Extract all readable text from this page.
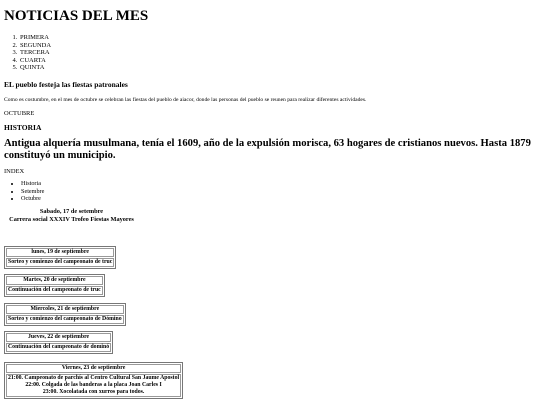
NOTICIAS DEL MES
1. PRIMERA
2. SEGUNDA
3. TERCERA
4. CUARTA
5. QUINTA
EL pueblo festeja las fiestas patronales
Como es costumbre, en el mes de octubre se celebran las fiestas del pueblo de aiacor, donde las personas del pueblo se reunen para realizar diferentes actividades.
OCTUBRE
HISTORIA
Antigua alquería musulmana, tenía el 1609, año de la expulsión morisca, 63 hogares de cristianos nuevos. Hasta 1879 constituyó un municipio.
INDEX
• Historia
• Setembre
• Octubre
Sabado, 17 de setembre
Carrera social XXXIV Trofeo Fiestas Mayores
lunes, 19 de septiembre
Sorteo y comienzo del campeonato de truc
Martes, 20 de septiembre
Continuación del campeonato de truc
Miercoles, 21 de septiembre
Sorteo y comienzo del campeonato de Dómino
Jueves, 22 de septiembre
Continuación del campeonato de dominó
Viernes, 23 de septiembre

21:00. Campeonato de parchís al Centro Cultural San Jaume Apostol
22:00. Colgada de las banderas a la placa Joan Carles I
23:00. Xocolatada con xurros para todos.
